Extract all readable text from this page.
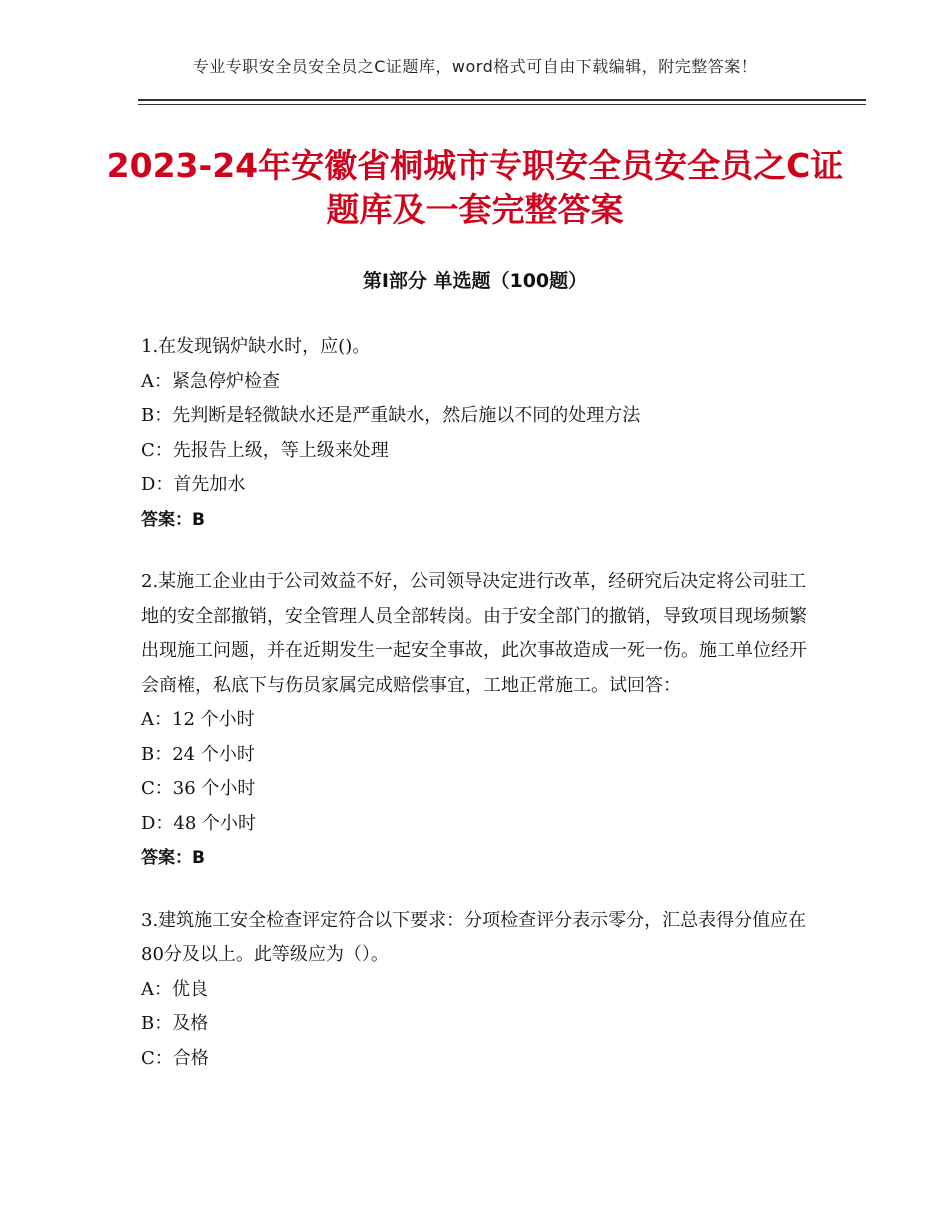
专业专职安全员安全员之C证题库，word格式可自由下载编辑，附完整答案！
2023-24年安徽省桐城市专职安全员安全员之C证题库及一套完整答案
第Ⅰ部分 单选题（100题）
1.在发现锅炉缺水时，应()。
A：紧急停炉检查
B：先判断是轻微缺水还是严重缺水，然后施以不同的处理方法
C：先报告上级，等上级来处理
D：首先加水
答案：B
2.某施工企业由于公司效益不好，公司领导决定进行改革，经研究后决定将公司驻工地的安全部撤销，安全管理人员全部转岗。由于安全部门的撤销，导致项目现场频繁出现施工问题，并在近期发生一起安全事故，此次事故造成一死一伤。施工单位经开会商榷，私底下与伤员家属完成赔偿事宜，工地正常施工。试回答：
A：12 个小时
B：24 个小时
C：36 个小时
D：48 个小时
答案：B
3.建筑施工安全检查评定符合以下要求：分项检查评分表示零分，汇总表得分值应在80分及以上。此等级应为（）。
A：优良
B：及格
C：合格
